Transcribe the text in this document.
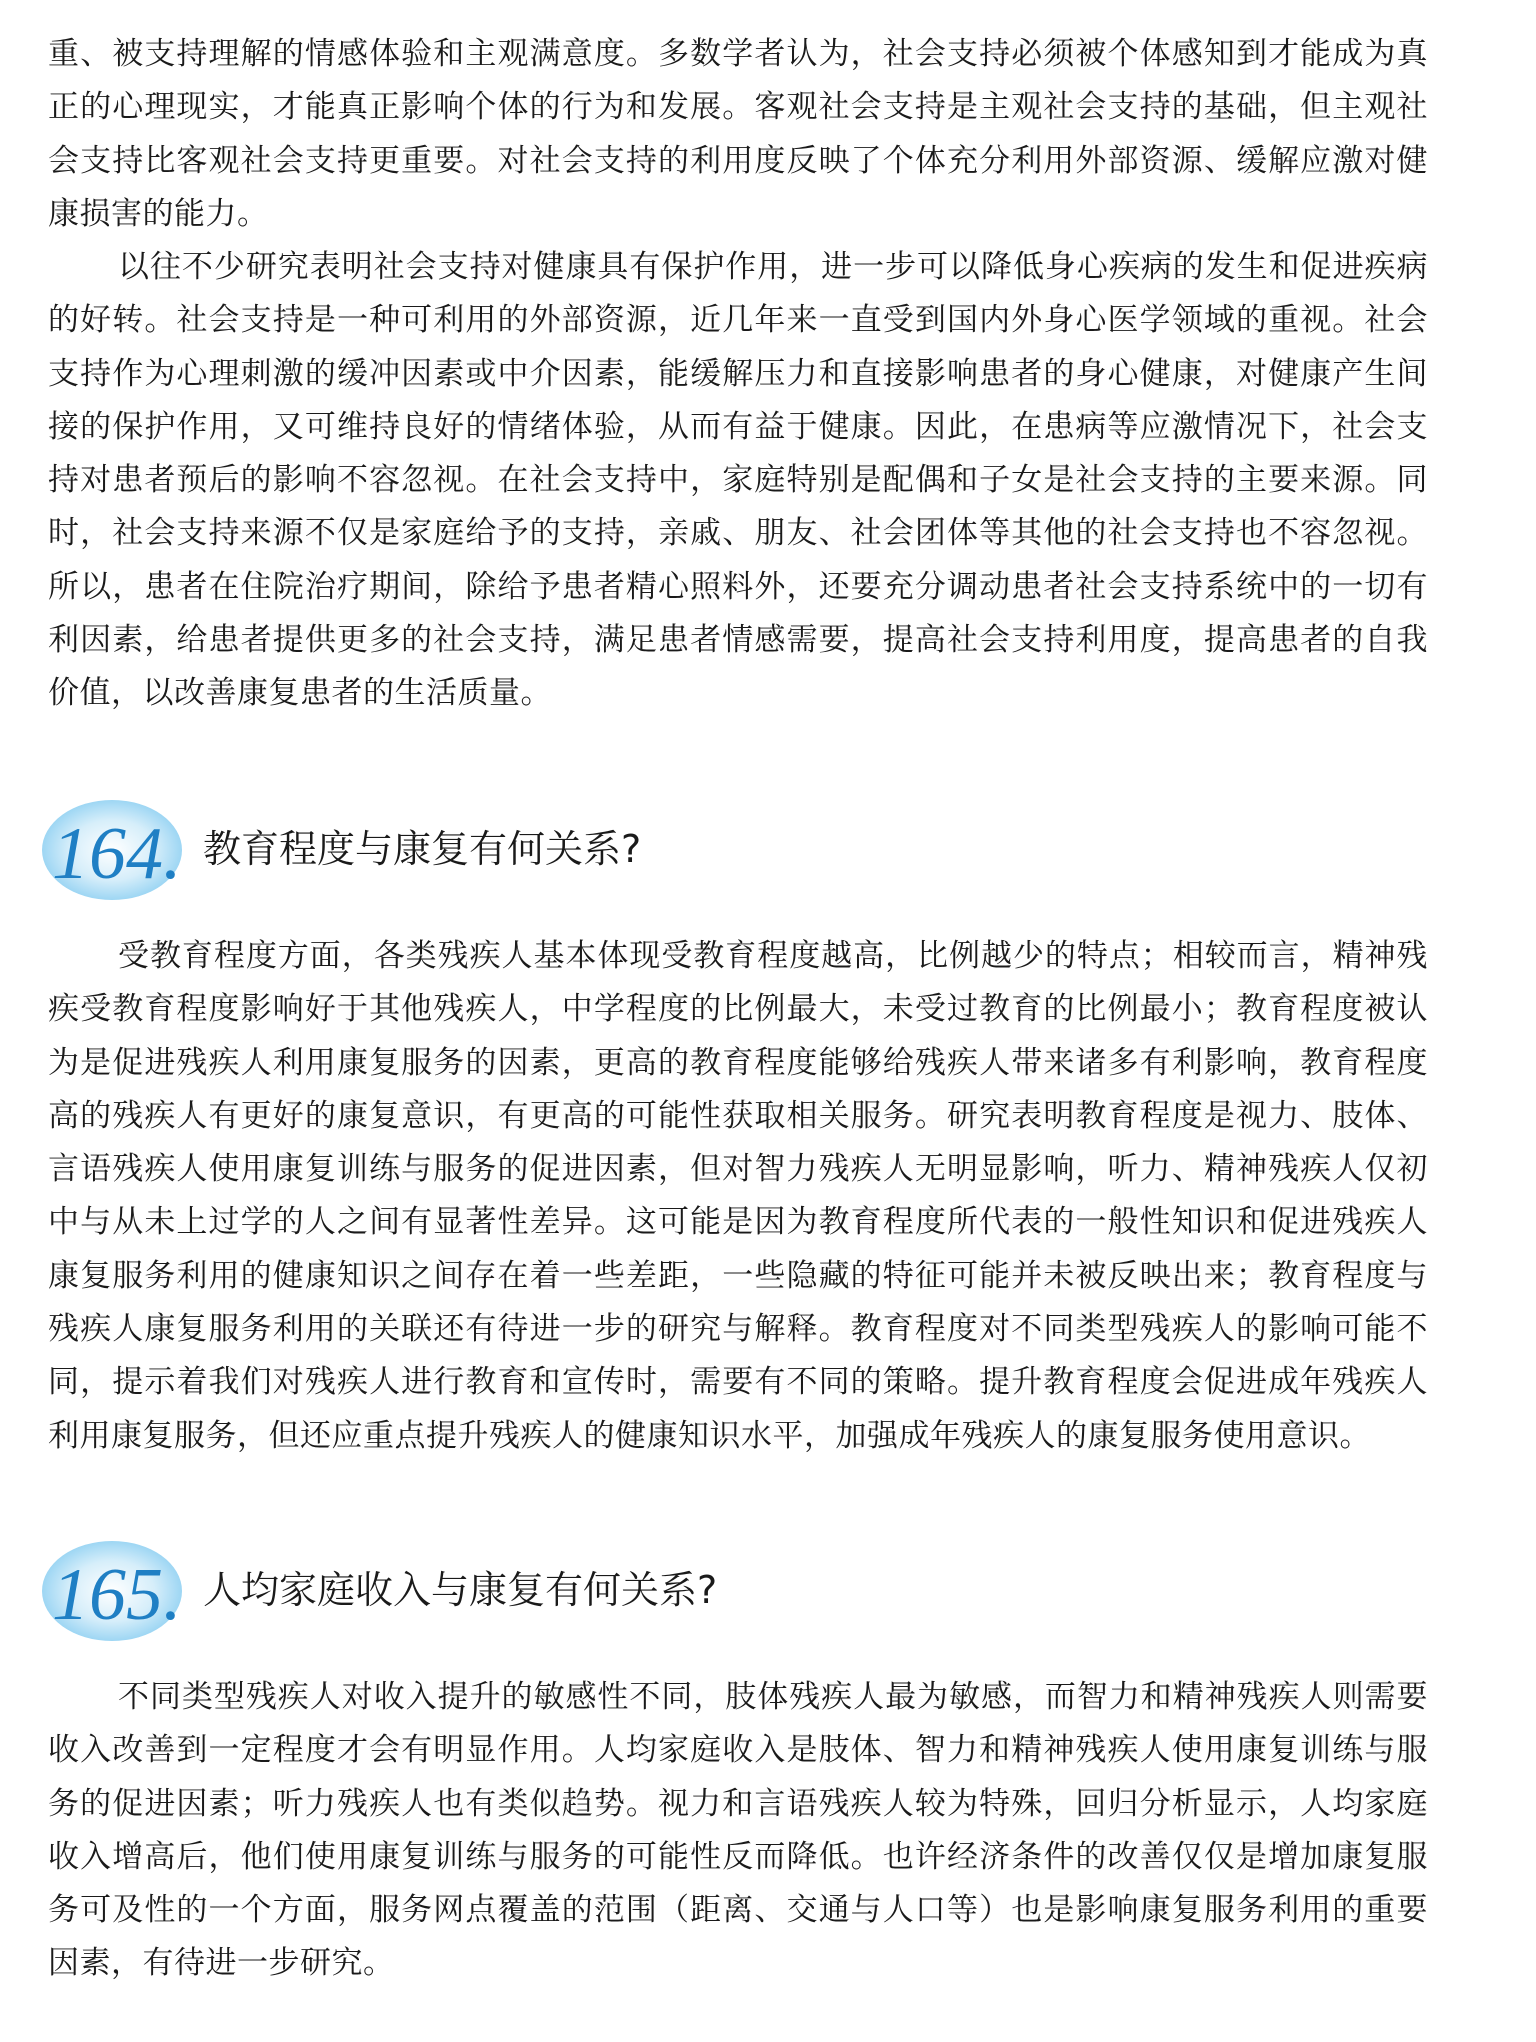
重、被支持理解的情感体验和主观满意度。多数学者认为，社会支持必须被个体感知到才能成为真正的心理现实，才能真正影响个体的行为和发展。客观社会支持是主观社会支持的基础，但主观社会支持比客观社会支持更重要。对社会支持的利用度反映了个体充分利用外部资源、缓解应激对健康损害的能力。

以往不少研究表明社会支持对健康具有保护作用，进一步可以降低身心疾病的发生和促进疾病的好转。社会支持是一种可利用的外部资源，近几年来一直受到国内外身心医学领域的重视。社会支持作为心理刺激的缓冲因素或中介因素，能缓解压力和直接影响患者的身心健康，对健康产生间接的保护作用，又可维持良好的情绪体验，从而有益于健康。因此，在患病等应激情况下，社会支持对患者预后的影响不容忽视。在社会支持中，家庭特别是配偶和子女是社会支持的主要来源。同时，社会支持来源不仅是家庭给予的支持，亲戚、朋友、社会团体等其他的社会支持也不容忽视。所以，患者在住院治疗期间，除给予患者精心照料外，还要充分调动患者社会支持系统中的一切有利因素，给患者提供更多的社会支持，满足患者情感需要，提高社会支持利用度，提高患者的自我价值，以改善康复患者的生活质量。

164. 教育程度与康复有何关系?

受教育程度方面，各类残疾人基本体现受教育程度越高，比例越少的特点；相较而言，精神残疾受教育程度影响好于其他残疾人，中学程度的比例最大，未受过教育的比例最小；教育程度被认为是促进残疾人利用康复服务的因素，更高的教育程度能够给残疾人带来诸多有利影响，教育程度高的残疾人有更好的康复意识，有更高的可能性获取相关服务。研究表明教育程度是视力、肢体、言语残疾人使用康复训练与服务的促进因素，但对智力残疾人无明显影响，听力、精神残疾人仅初中与从未上过学的人之间有显著性差异。这可能是因为教育程度所代表的一般性知识和促进残疾人康复服务利用的健康知识之间存在着一些差距，一些隐藏的特征可能并未被反映出来；教育程度与残疾人康复服务利用的关联还有待进一步的研究与解释。教育程度对不同类型残疾人的影响可能不同，提示着我们对残疾人进行教育和宣传时，需要有不同的策略。提升教育程度会促进成年残疾人利用康复服务，但还应重点提升残疾人的健康知识水平，加强成年残疾人的康复服务使用意识。

165. 人均家庭收入与康复有何关系?

不同类型残疾人对收入提升的敏感性不同，肢体残疾人最为敏感，而智力和精神残疾人则需要收入改善到一定程度才会有明显作用。人均家庭收入是肢体、智力和精神残疾人使用康复训练与服务的促进因素；听力残疾人也有类似趋势。视力和言语残疾人较为特殊，回归分析显示，人均家庭收入增高后，他们使用康复训练与服务的可能性反而降低。也许经济条件的改善仅仅是增加康复服务可及性的一个方面，服务网点覆盖的范围（距离、交通与人口等）也是影响康复服务利用的重要因素，有待进一步研究。
